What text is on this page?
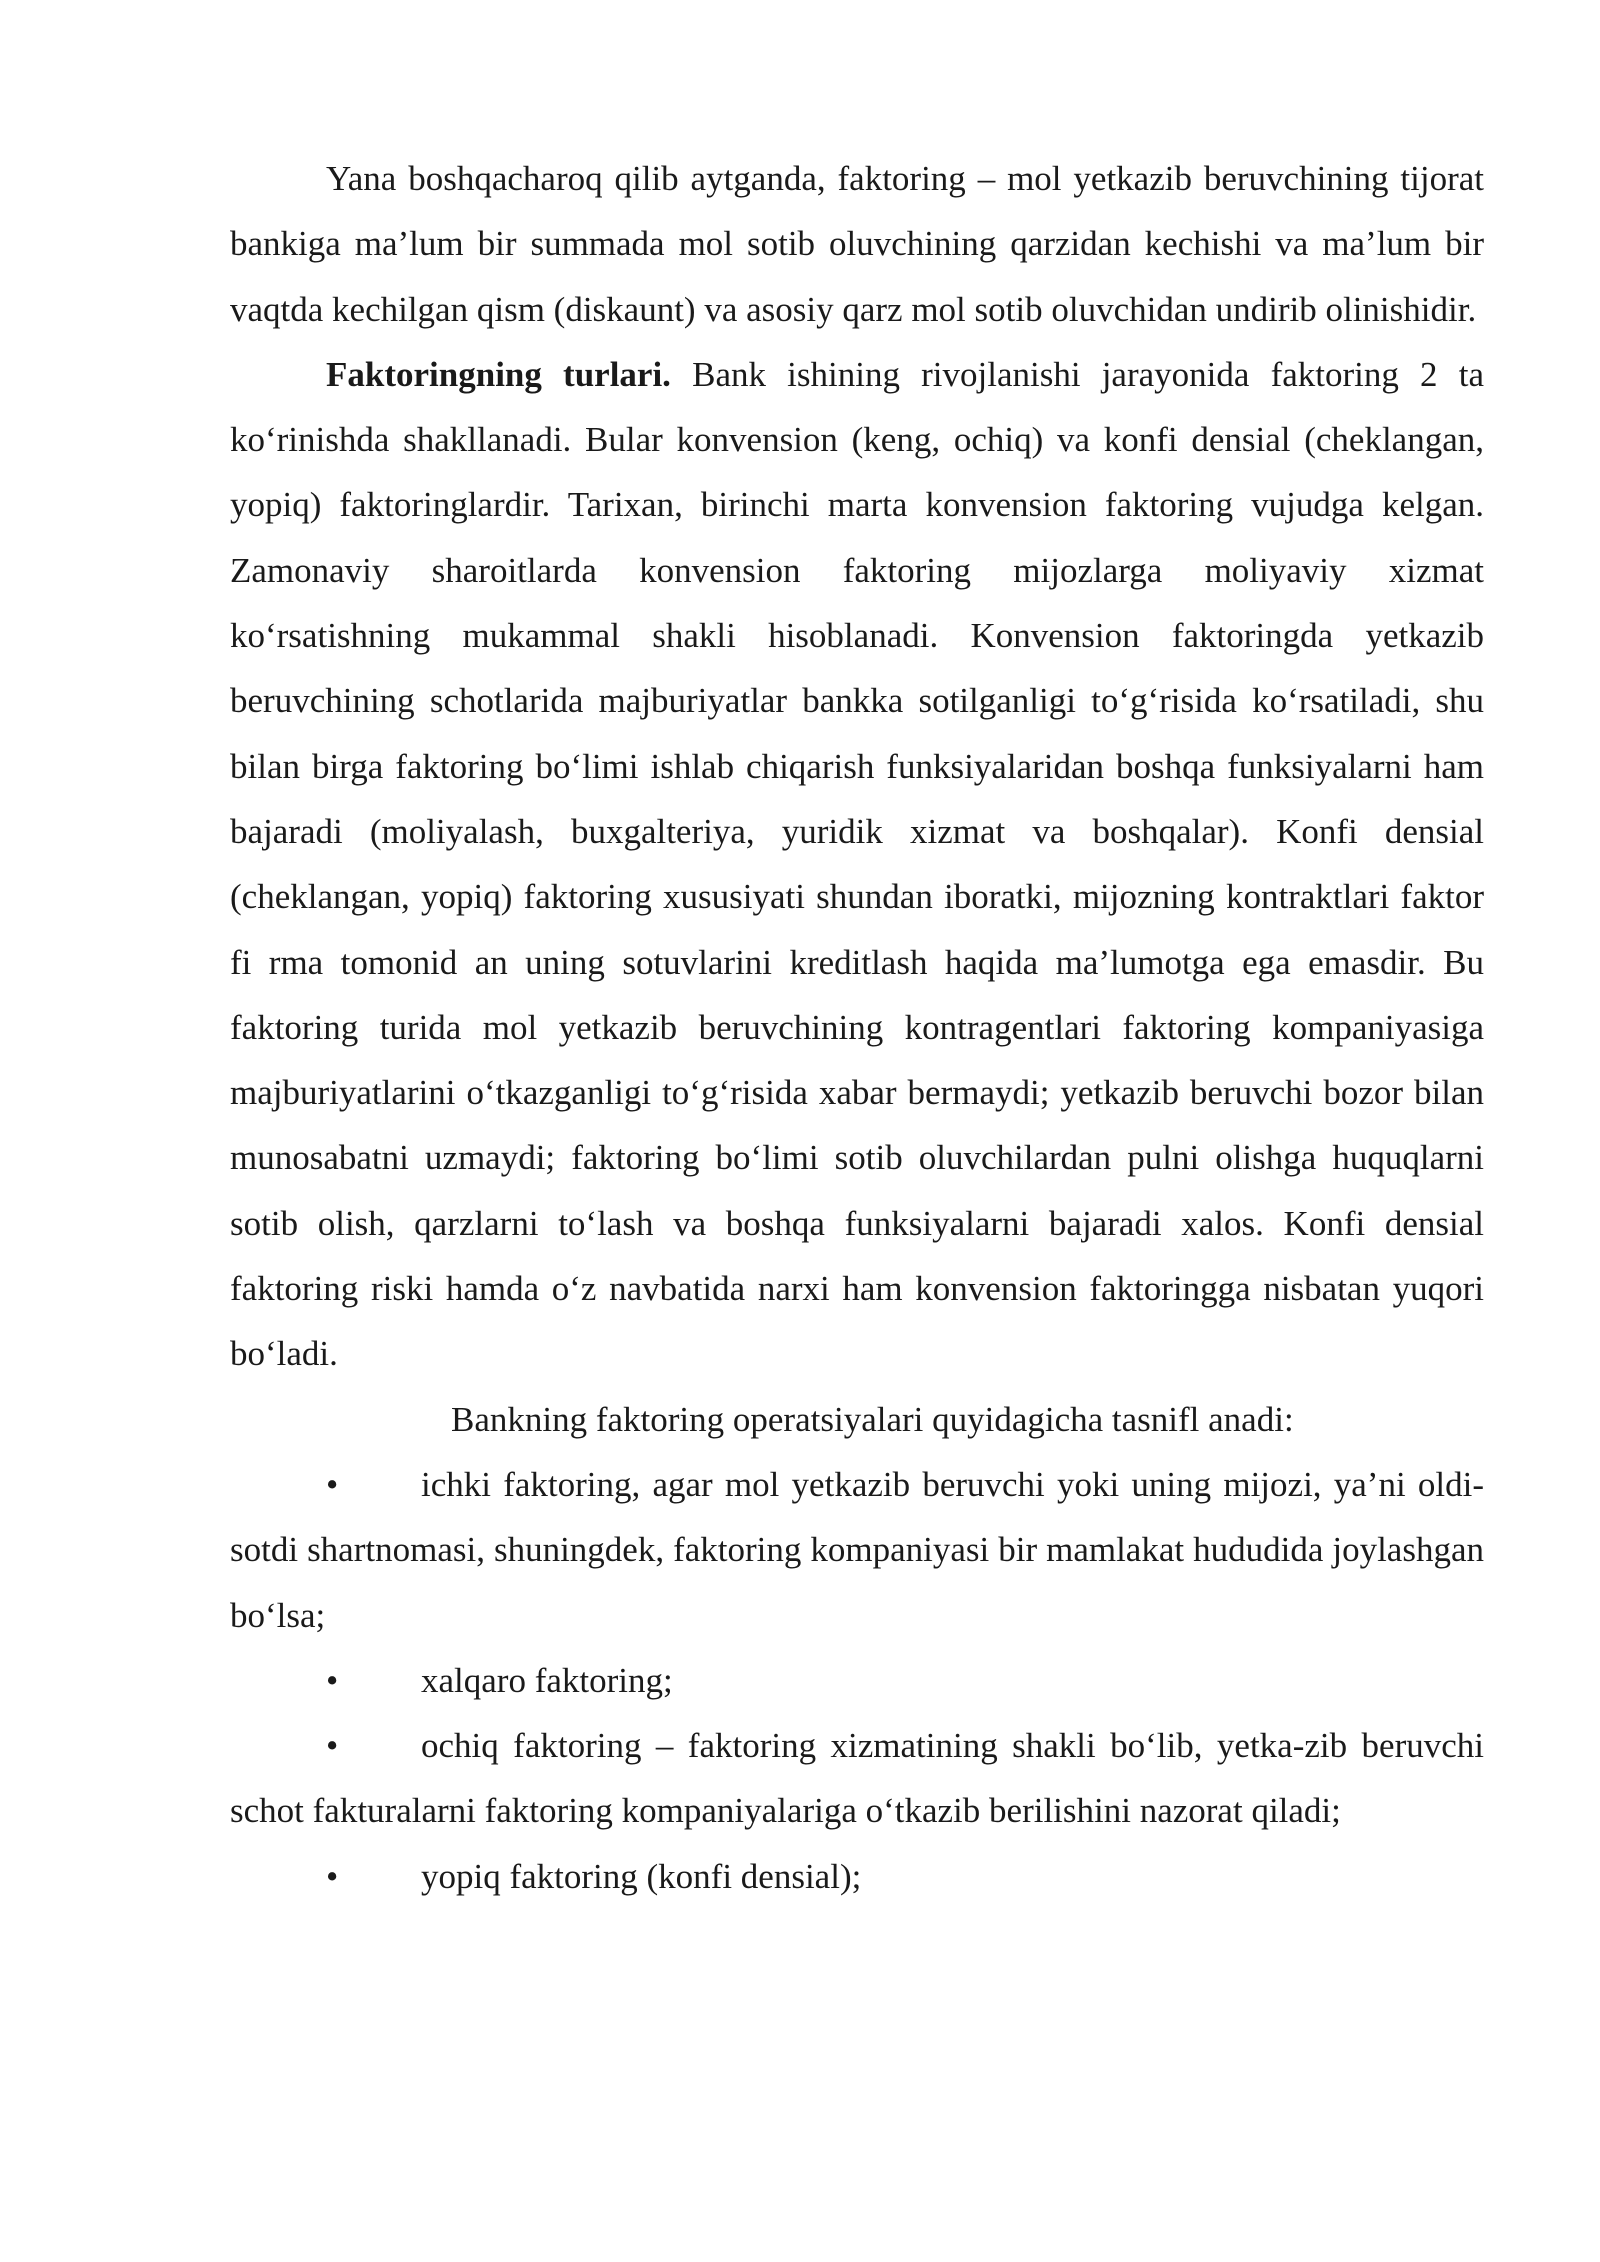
Yana boshqacharoq qilib aytganda, faktoring – mol yetkazib beruvchining tijorat bankiga ma’lum bir summada mol sotib oluvchining qarzidan kechishi va ma’lum bir vaqtda kechilgan qism (diskaunt) va asosiy qarz mol sotib oluvchidan undirib olinishidir.

Faktoringning turlari. Bank ishining rivojlanishi jarayonida faktoring 2 ta ko‘rinishda shakllanadi. Bular konvension (keng, ochiq) va konfi densial (cheklangan, yopiq) faktoringlardir. Tarixan, birinchi marta konvension faktoring vujudga kelgan. Zamonaviy sharoitlarda konvension faktoring mijozlarga moliyaviy xizmat ko‘rsatishning mukammal shakli hisoblanadi. Konvension faktoringda yetkazib beruvchining schotlarida majburiyatlar bankka sotilganligi to‘g‘risida ko‘rsatiladi, shu bilan birga faktoring bo‘limi ishlab chiqarish funksiyalaridan boshqa funksiyalarni ham bajaradi (moliyalash, buxgalteriya, yuridik xizmat va boshqalar). Konfi densial (cheklangan, yopiq) faktoring xususiyati shundan iboratki, mijozning kontraktlari faktor fi rma tomonid an uning sotuvlarini kreditlash haqida ma’lumotga ega emasdir. Bu faktoring turida mol yetkazib beruvchining kontragentlari faktoring kompaniyasiga majburiyatlarini o‘tkazganligi to‘g‘risida xabar bermaydi; yetkazib beruvchi bozor bilan munosabatni uzmaydi; faktoring bo‘limi sotib oluvchilardan pulni olishga huquqlarni sotib olish, qarzlarni to‘lash va boshqa funksiyalarni bajaradi xalos. Konfi densial faktoring riski hamda o‘z navbatida narxi ham konvension faktoringga nisbatan yuqori bo‘ladi.

Bankning faktoring operatsiyalari quyidagicha tasnifl anadi:

• ichki faktoring, agar mol yetkazib beruvchi yoki uning mijozi, ya’ni oldi-sotdi shartnomasi, shuningdek, faktoring kompaniyasi bir mamlakat hududida joylashgan bo‘lsa;

• xalqaro faktoring;

• ochiq faktoring – faktoring xizmatining shakli bo‘lib, yetka-zib beruvchi schot fakturalarni faktoring kompaniyalariga o‘tkazib berilishini nazorat qiladi;

• yopiq faktoring (konfi densial);
